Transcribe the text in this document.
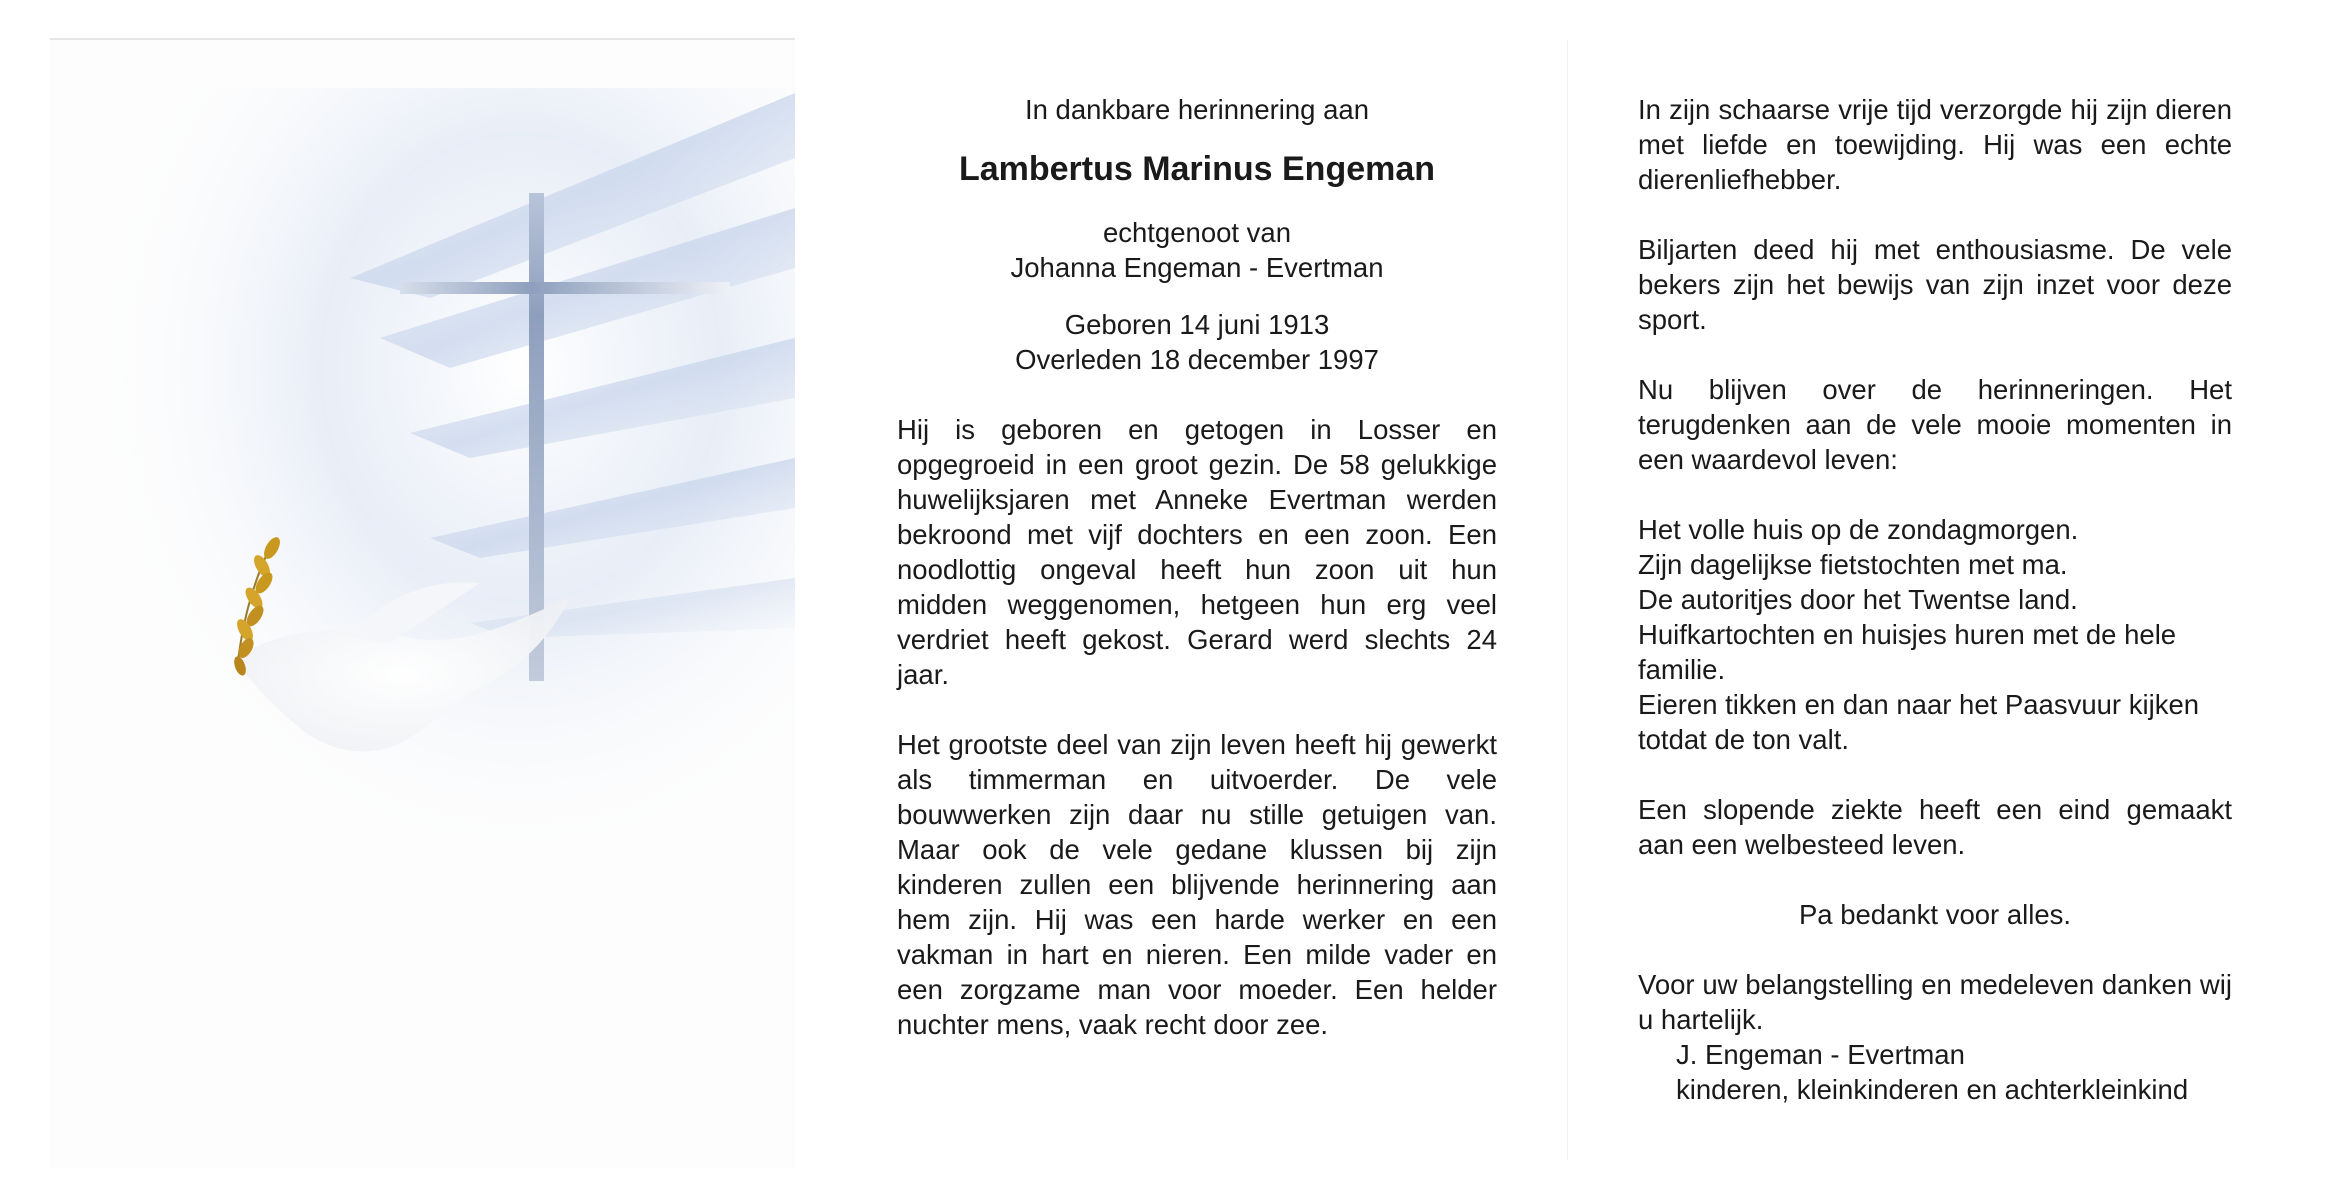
In dankbare herinnering aan

Lambertus Marinus Engeman

echtgenoot van

Johanna Engeman - Evertman

Geboren 14 juni 1913

Overleden 18 december 1997

Hij is geboren en getogen in Losser en opgegroeid in een groot gezin. De 58 gelukkige huwelijksjaren met Anneke Evertman werden bekroond met vijf dochters en een zoon. Een noodlottig ongeval heeft hun zoon uit hun midden weggenomen, hetgeen hun erg veel verdriet heeft gekost. Gerard werd slechts 24 jaar.

Het grootste deel van zijn leven heeft hij gewerkt als timmerman en uitvoerder. De vele bouwwerken zijn daar nu stille getuigen van. Maar ook de vele gedane klussen bij zijn kinderen zullen een blijvende herinnering aan hem zijn. Hij was een harde werker en een vakman in hart en nieren. Een milde vader en een zorgzame man voor moeder. Een helder nuchter mens, vaak recht door zee.

In zijn schaarse vrije tijd verzorgde hij zijn dieren met liefde en toewijding. Hij was een echte dierenliefhebber.

Biljarten deed hij met enthousiasme. De vele bekers zijn het bewijs van zijn inzet voor deze sport.

Nu blijven over de herinneringen. Het terugdenken aan de vele mooie momenten in een waardevol leven:

Het volle huis op de zondagmorgen.

Zijn dagelijkse fietstochten met ma.

De autoritjes door het Twentse land.

Huifkartochten en huisjes huren met de hele familie.

Eieren tikken en dan naar het Paasvuur kijken totdat de ton valt.

Een slopende ziekte heeft een eind gemaakt aan een welbesteed leven.

Pa bedankt voor alles.

Voor uw belangstelling en medeleven danken wij u hartelijk.

J. Engeman - Evertman

kinderen, kleinkinderen en achterkleinkind
